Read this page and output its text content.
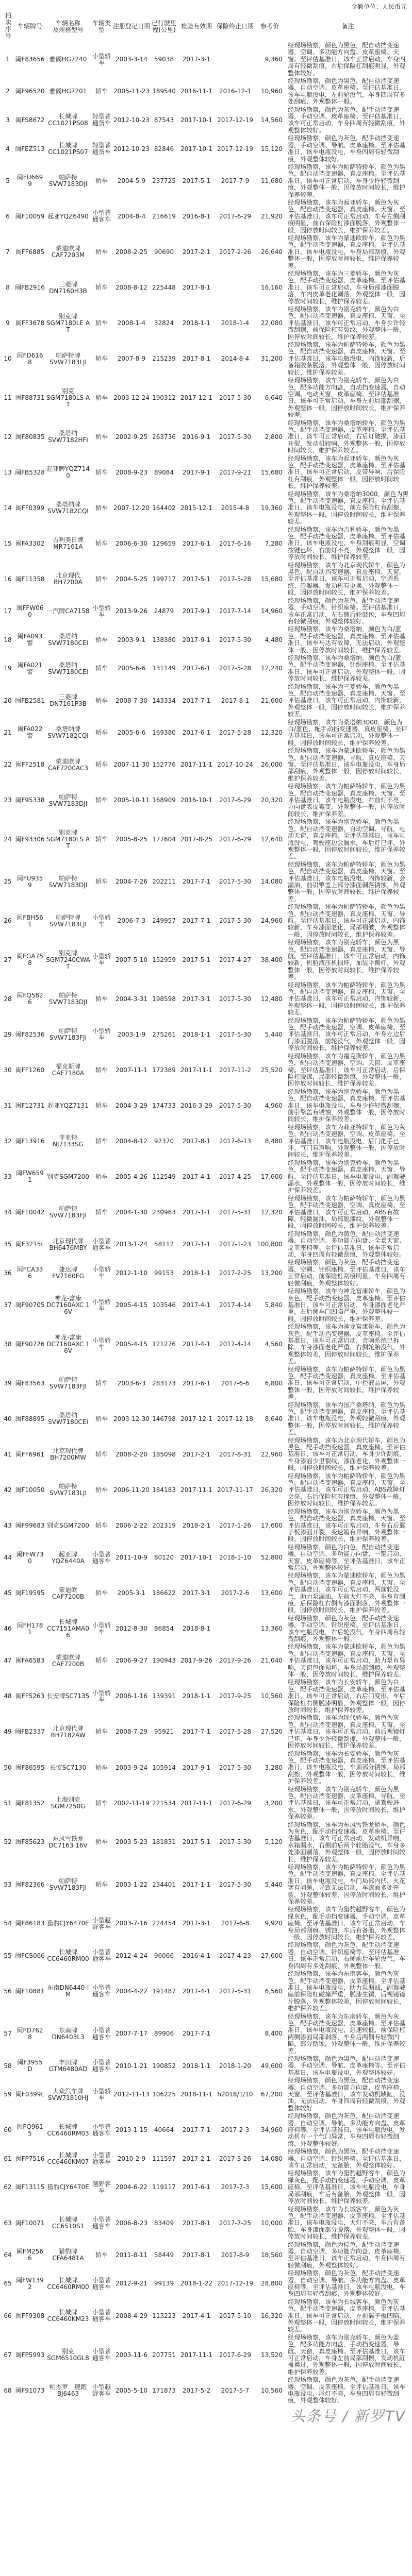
金额单位：人民币元
拍卖序号	车辆牌号	车辆名称
及规格型号	车辆类型	注册登记日期	已行驶里程(公里)	检验有效期	保险终止日期	参考价	备注
1	闽F83656	雅阁HG7240	小型轿车	2003-3-14	59038	2017-3-1		9,360	经现场勘察，颜色为黑色，配自动挡变速器，空调、多功能方向盘、皮革座椅、天窗。至评估基准日，该车正常启动，车身四周有轻微刮痕，右后保险杠刮痕明显，外观整体较好。
2	闽F96520	雅阁HG7201	轿车	2005-11-23	189540	2016-11-1	2016-12-1	10,960	经现场勘察，颜色为黑色，配自动挡变速器，自动空调、皮革座椅。至评估基准日，该车电瓶没电，左前轮没气，车身四周有多处刮痕，外观整体一般。
3	闽FS8672	长城牌
CC1021PS08	轻型普通货车	2012-10-23	87543	2017-10-1	2017-12-19	14,560	经现场勘察，颜色为灰色，配手动挡变速器，手动空调、皮革座椅。至评估基准日，该车可正常启动，车身四周有轻微刮痕，外观整体较好。
4	闽FEZ513	长城牌
CC1021PS07	轻型普通货车	2012-10-23	82846	2017-10-1	2017-12-19	15,120	经现场勘察，颜色为灰色，配手动挡变速器，手动空调、导航、皮革座椅。至评估基准日，该车电瓶没电，车身四周有轻微刮痕，外观整体较好。
5	闽FU6699	帕萨特
SVW7183DJI	轿车	2004-5-9	237725	2017-5-1	2017-7-9	11,680	经现场勘察，该车为帕萨特轿车，颜色为黑色，配自动挡变速器，真皮座椅。至评估基准日，该车可正常启动，车身少许轻微刮痕，外观整体一般，因停放时间较长，维护保养较差。
6	闽F10059	起亚YQZ6490	小型普通客车	2004-8-4	216619	2016-8-1	2017-6-29	21,920	经现场勘察，该车为起亚轿车，颜色为灰色，配自动挡变速器，真皮座椅、天窗。至评估基准日，该车可正常启动，车身左侧刮痕明显，前右保险杠漆面脱落，外观整体一般，因停放时间较长，维护保养较差。
7	闽FF6885	蒙迪欧牌
CAF7203M	轿车	2008-2-25	90690	2017-2-1	2017-2-26	26,640	经现场勘察，该车为蒙迪欧轿车，颜色为黑色，配手动挡变速器，真皮座椅。至评估基准日，该车电瓶没电，车身局部刮痕，外观整体一般，因停放时间较长，维护保养较差。
8	闽FB2916	三菱牌
DN7160H3B	轿车	2008-8-12	225448	2017-8-1		16,160	经现场勘察，该车为三菱轿车，颜色为灰色，配手动挡变速器，皮革座椅。至评估基准日，该车可正常启动，车身局部漆面脱落，车内皮革老化剥落，外观整体一般，因停放时间较长，维护保养较差。
9	闽FF3678	别克牌
SGM7180LE AT	轿车	2008-1-4	32824	2018-1-1	2018-1-4	22,080	经现场勘察，该车为别克轿车，颜色为白色，配自动挡变速器，真皮座椅、天窗。至评估基准日，该车可正常启动，车身少许轻微刮擦，前保险杠有裂纹，外观整体一般，因停放时间较长，维护保养较差。
10	闽FD6168	帕萨特牌
SVW7183LJI	轿车	2007-8-9	215239	2017-8-1	2014-8-4	31,200	经现场勘察，该车为帕萨特轿车，颜色为黑色，配自动挡变速器，真皮座椅、天窗。至评估基准日，该车电瓶没电，内饰较新，后备箱胶条脱落，外观整体一般，因停放时间较长，维护保养较差。
11	闽F88731	别克
SGM7180LS AT	轿车	2003-12-24	190312	2017-12-1	2017-5-30	6,640	经现场勘察，该车为别克轿车，颜色为白色，配多功能方向盘，自动挡变速器，自动空调、电动天窗，皮革座椅。至评估基准日，该车可正常启动，车身左前局部刮擦，外观整体一般，因停放时间较长，维护保养较差。
12	闽F80835	桑塔纳
SVW7182HFI	轿车	2002-9-25	263736	2016-9-1	2017-5-30	2,800	经现场勘察，该车为桑塔纳轿车，颜色为黑色，配手动挡变速器，皮革座椅。至评估基准日，该车可正常启动，右后灯破损，漆面开裂，发动机较响，外观整体一般，因停放时间较长，维护保养较差。
13	闽FB5328	起亚牌YQZ7140	轿车	2008-9-23	89084	2017-9-1	2017-9-21	15,680	经现场勘察，该车为起亚轿车，颜色为灰色，配手动挡变速器，皮革座椅。至评估基准日，该车可正常启动，皮带异响，后保险杠有刮痕，外观整体一般，因停放时间较长，维护保养较差。
14	闽FF0399	桑塔纳牌
SVW7182CQI	轿车	2007-12-20	164402	2015-12-1	2015-4-8	19,360	经现场勘察，该车为桑塔纳3000，颜色为黑色，配手动挡变速器，真皮座椅。至评估基准日，该车电瓶没电，前左保险杠有刮擦，外观整体一般，因停放时间较长，维护保养较差。
15	闽FA3302	吉利美日牌
MR7161A	轿车	2006-6-30	129659	2017-6-1	2017-6-16	7,280	经现场勘察，该车为吉利轿车，颜色为黑色，配手动挡变速器，皮革座椅。至评估基准日，该车电瓶没电，车身刮痕明显，空调按键已坏，右前灯不亮，外观整体一般，因停放时间较长，维护保养较差。
16	闽F11358	北京现代
BH7200A	轿车	2004-5-25	199717	2017-5-1	2017-5-28	15,680	经现场勘察，该车为北京现代轿车，颜色为黑色，配自动挡变速器，真皮座椅、天窗。至评估基准日，该车可正常启动，空调系统、冷凝器、发动机有更换，外观整体一般，因停放时间较长，维护保养较差。
17	闽FFW060	一汽牌CA7158	小型轿车	2013-9-26	24879	2017-9-1	2017-7-14	14,960	经现场勘察，颜色为灰色，配手动挡变速器，手动空调、针织座椅。至评估基准日，该车正常启动，左右侧后轮鼓包，车身四周有轻微刮痕，外观整体较好。
18	闽FA093警	桑塔纳
SVW7180CEI	轿车	2003-9-1	138380	2017-9-1	2017-5-30	4,480	经现场勘察，该车为桑塔纳，颜色为白/蓝色，配手动挡变速器，真皮座椅。至评估基准日，该车马达有故障，无法启动，外观整体一般，因停放时间较长，维护保养较差。
19	闽FA021警	桑塔纳
SVW7180CEI	轿车	2005-6-6	131149	2017-6-1	2017-5-28	12,240	经现场勘察，该车为桑塔纳，颜色为白/蓝色，配手动挡变速器，针织座椅。至评估基准日，该车可正常启动，外观整体一般，因停放时间较长，维护保养较差。
20	闽FB2581	三菱牌
DN7161P3B	轿车	2008-7-30	143334	2017-7-1	2017-8-1	21,600	经现场勘察，该车为三菱轿车，颜色为黑色，配自动挡变速器，真皮座椅、天窗。至评估基准日，该车可正常启动，内饰较新，外观整体一般，因停放时间较长，维护保养较差。
21	闽FA022警	桑塔纳牌
SVW7182CQI	轿车	2005-6-6	169380	2017-6-1	2017-5-28	12,320	经现场勘察，该车为桑塔纳3000，颜色为白/蓝色，配手动挡变速器，真皮座椅。至评估基准日，该车可正常启动，外观整体一般，因停放时间较长，维护保养较差。
22	闽FF2518	蒙迪欧牌
CAF7200AC3	轿车	2007-11-30	152776	2017-11-1	2017-10-24	26,000	经现场勘察，该车为蒙迪欧轿车，颜色为黑色，配自动挡变速器，导航、真皮座椅、天窗。至评估基准日，该车电瓶没电，车身局部刮痕，外观整体一般，因停放时间较长，维护保养较差。
23	闽F95338	帕萨特
SVW7183DJI	轿车	2005-10-11	168909	2016-10-1	2017-6-29	20,320	经现场勘察，该车为帕萨特轿车，颜色为黑色，配自动挡变速器，真皮座椅、天窗。至评估基准日，该车电瓶没电，右前灯不亮，方向盘表皮霉变，外观整体一般，因停放时间较长，维护保养差。
24	闽F93306	别克牌
SGM7180LS AT	轿车	2005-8-25	177604	2017-8-25	2017-6-29	12,640	经现场勘察，该车为别克轿车，颜色为黑色，配自动挡变速器，自动空调、导航，电动天窗，真皮座椅。至评估基准日，该车电瓶没电，驾驶座边会漏水，车后灯已坏，外观整体一般，因停放时间较长，维护保养较差。
25	闽FU9359	帕萨特
SVW7183DJI	轿车	2004-7-26	202211	2017-7-1	2017-5-30	14,080	经现场勘察，该车为帕萨特轿车，颜色为黑色，配自动挡变速器，真皮座椅、天窗。至评估基准日，该车电瓶没电，内饰较新，会漏油，前引擎盖上部分漆面剥落锈蚀，外观整体一般，因停放时间较长，维护保养较差。
26	闽FBH561	帕萨特牌
SVW7183LJI	小型轿车	2006-7-3	249957	2017-7-1	2017-5-30	24,960	经现场勘察，该车为帕萨特轿车，颜色为黑色，配自动挡变速器，真皮座椅、天窗、导航。至评估基准日，该车可正常启动，内饰较新，车身漆面老化，局部褶皱，外观整体一般，因停放时间较长，维护保养较差。
27	闽FGA758	别克牌
SGM7240CWAT	小型轿车	2007-5-10	152959	2017-5-1	2017-4-27	38,400	经现场勘察，该车为别克轿车，颜色为黑色，配自动挡变速器，真皮座椅、天窗、导航。至评估基准日，该车可正常启动，内饰较新，机舱液压机损坏，加装平衡杆，外观整体一般，因停放时间较长，维护保养较差。
28	闽FQ5826	帕萨特
SVW7183DJI	轿车	2004-3-31	198598	2017-3-1	2017-5-30	12,480	经现场勘察，该车为帕萨特轿车，颜色为黑色，配自动挡变速器，真皮座椅、天窗。至评估基准日，该车可正常启动，内饰较新，外观整体一般，因停放时间较长，维护保养较差。
29	闽F82536	帕萨特
SVW7183FJI	小型轿车	2003-1-9	275261	2018-1-1	2017-5-30	5,440	经现场勘察，该车为帕萨特轿车，颜色为黑色，配手动挡变速器，空调、皮革座椅。至评估基准日，该车可正常启动，车身左边后门漆面脱落，前轮没气，外观整体一般，因停放时间较长，维护保养较差。
30	闽FF1260	福克斯牌
CAF7180A	轿车	2007-11-1	172389	2017-11-1	2017-11-2	25,520	经现场勘察，该车为福克斯轿车，颜色为黑色，配自动挡变速器，空调、天窗、皮革座椅。至评估基准日，该车可正常启动，后保险杠脱漆，局部轻微刮痕，外观整体一般，因停放时间较长，维护保养较差。
31	闽F12731	起亚YQZ7131	轿车	2004-3-29	174733	2016-3-29	2017-5-30	4,960	经现场勘察，该车为别克轿车，颜色为黑色，配自动挡变速器，真皮座椅。至评估基准日，该车电瓶没电，车身少许轻微刮擦，前引擎盖有锈蚀，外观整体一般，因停放时间较长，维护保养较差。
32	闽F13916	菲亚特
NJ7133SG	轿车	2004-8-12	92370	2017-8-1	2017-6-13	8,480	经现场勘察，该车为菲亚特轿车，颜色为灰色，配自动挡变速器，空调、皮革座椅。至评估基准日，该车电瓶没电，后门把手已坏，气门有声响，外观整体一般，因停放时间较长，维护保养较差。
33	闽FW6591	别克SGM7200	轿车	2005-4-26	112549	2017-4-1	2017-4-25	17,600	经现场勘察，该车为别克轿车，颜色为黑色，配手动挡变速器，真皮座椅、天窗、导航。至评估基准日，该车电瓶没电，副驾驶漏水，外观整体一般，因停放时间较长，维护保养较差。
34	闽F10042	帕萨特
SVW7183FJI	轿车	2004-1-30	230963	2017-1-1	2017-5-31	12,320	经现场勘察，该车为帕萨特轿车，颜色为黑色，配手动挡变速器，空调、真皮座椅。至评估基准日，该车可正常启动，ABS有故障，轻微漏油，局部脱漆纹，外观整体一般，因停放时间较长，维护保养较差。
35	闽F3215L	北京现代牌
BH6476MBY	小型普通客车	2013-1-24	58112	2017-1-1	2017-1-23	100,800	经现场勘察，颜色为黄色，配自动挡变速器，自动空调、多功能方向盘、全景天窗、皮革座椅等。至评估基准日，该车正常启动，车身四周有轻微刮痕，外观整体较好。
36	闽FCA336	捷达牌
FV7160FG	小型轿车	2012-1-10	99153	2018-1-1	2017-2-25	13,200	经现场勘察，颜色为灰色，配手动挡变速器，空调、针织座椅。至评估基准日，该车正常启动，前保险杠刮痕明显，车身四周有轻微刮痕，外观整体较好。
37	闽F90705	神龙-富康
DC7160AXC 16V	小型轿车	2005-4-15	103546	2017-4-1	2017-4-14	5,840	经现场勘察，该车为神龙富康轿车，颜色为灰色，配手动挡变速器，皮革座椅。至评估基准日，该车可正常启动，车身漆面老化严重，右后侧车门凹陷严重，外观整体较一般，因停放时间较长，维护保养差。
38	闽F90726	神龙-富康
DC7160AXC 16V	小型轿车	2005-4-15	121276	2017-4-1	2017-4-14	4,560	经现场勘察，该车为神龙富康轿车，颜色为灰色，配手动挡变速器，皮革座椅。至评估基准日，该车可正常启动，音响系统已拆除，车身漆面老化严重，右侧轮胎没气，外观整体较差，因停放时间较长，维护保养差。
39	闽F83563	帕萨特
SVW7183FJI	轿车	2003-6-3	283173	2017-6-1	2017-6-6	6,800	经现场勘察，该车为帕萨特轿车，颜色为黑色，配手动挡变速器，真皮座椅。至评估基准日，该车可正常启动，中控液晶屏，外观整体一般，因停放时间较长，维护保养较差。
40	闽F88895	桑塔纳
SVW7180CEI	轿车	2003-12-30	146798	2017-12-1	2017-12-18	8,640	经现场勘察，该车为国产桑塔纳，颜色为黑色，配手动挡变速器，真皮座椅。至评估基准日，该车电瓶没电，外观轻微刮痕，外观整体一般，因停放时间较长，维护保养较差。
41	闽FF6961	北京现代牌
BH7200MW	轿车	2008-2-20	185098	2017-2-1	2017-8-31	22,960	经现场勘察，该车为北京现代轿车，颜色为黑色，配手动挡变速器，真皮座椅。至评估基准日，该车可正常启动，车身少许刮痕，车身漆面少里裂纹，漆面老化，外观整体一般，因停放时间较长，维护保养较差。
42	闽F10050	帕萨特
SVW7183LJI	轿车	2006-11-20	184183	2017-11-1	2017-11-17	26,320	经现场勘察，该车为帕萨特轿车，颜色为黑色，配自动挡变速器，真皮座椅、天窗。至评估基准日，该车可正常启动，ABS故障灯会亮，右后保险杠有撞痕，外观整体一般，因停放时间较长，维护保养较差。
43	闽F99683	别克SGM7200	轿车	2006-2-22	202319	2018-2-1	2017-1-26	17,600	经现场勘察，该车为别克轿车，颜色为黑色，配自动挡变速器，真皮座椅、天窗。至评估基准日，该车可正常启动，车身右后翼子板漆面开裂，变速箱有异响，外观整体一般，因停放时间较长，维护保养较差。
44	闽FFW730	起亚牌
YQZ6440A	小型普通客车	2011-10-9	80120	2017-10-1	2018-1-10	52,800	经现场勘察，颜色为白色，配自动挡变速器，自动空调、多功能方向盘、一键启动、天窗、皮革座椅等。至评估基准日，该车正常启动，外观整体较好。
45	闽F19595	蒙迪欧
CAF7200B	轿车	2005-3-1	186622	2017-3-1	2017-2-6	13,600	经现场勘察，该车为蒙迪欧轿车，颜色为黑色，配自动挡变速器，真皮座椅、天窗。至评估基准日，该车可正常启动，两前轮没气，助力泵漏油，左前大灯不亮，车身有刮痕，后保险杠右侧有漆面剥落，外观整体一般，因停放时间较长，维护保养较差。
46	闽FH1781	长城牌
CC7151AMA06	小型轿车	2012-8-30	86854	2018-8-1		13,360	经现场勘察，颜色为灰色，配手动挡变速器，手动空调、针织座椅。至评估基准日，该车电瓶没电，右后轮没气，车身四周有轻微刮痕，外观整体一般。
47	闽FA6583	蒙迪欧牌
CAF7200B	轿车	2006-9-27	190943	2017-9-26	2017-9-26	21,040	经现场勘察，该车为蒙迪欧轿车，颜色为黑色，配自动挡变速器，真皮座椅、天窗。至评估基准日，该车可正常启动，助力泵有异响，天窗包面损坏，车身局部刮痕，外观整体一般，因停放时间较长，维护保养较差。
48	闽FF5263	长安牌SC7135	小型轿车	2008-1-16	139391	2018-1-1	2017-9-25	10,560	经现场勘察，该车为长安轿车，颜色为白色，配手动挡变速器，皮革座椅。至评估基准日，该车可正常启动，右后门变形，车后保险杠右侧脱漆明显，外观整体一般，因停放时间较长，维护保养较差。
49	闽FB2337	北京现代牌
BH7182AW	轿车	2008-7-29	95921	2017-7-1	2017-5-28	27,520	经现场勘察，该车为现代轿车，颜色为灰色，配自动挡变速器，真皮座椅、天窗。至评估基准日，该车可正常启动，前后视镜灯已坏，车身少许轻微刮擦，外观整体一般，因停放时间较长，维护保养较差。
50	闽F86595	长安SC7130	轿车	2003-9-24	105914	2017-9-1	2017-5-30	3,280	经现场勘察，该车为长安轿车，颜色为灰色，配手动挡变速器，真皮座椅。至评估基准日，该车电瓶没电，车顶部分锈蚀，局部刮擦，外观整体一般，因停放时间较长，维护保养较差。
51	闽F81352	上海别克
SGM7250G	轿车	2002-11-19	221534	2017-11-1	2017-6-29	3,200	经现场勘察，该车为别克轿车，颜色为黑色，配自动挡变速器，皮革座椅、导航。至评估基准日，该车可正常启动，副驾驶进水，外观整体一般，因停放时间较长，维护保养较差。
52	闽F85623	东风雪铁龙
DC7163 16V	轿车	2003-5-23	181831	2017-5-1	2017-5-30	5,120	经现场勘察，该车为东风雪铁龙轿车，颜色为灰色，配手动挡变速器，皮革座椅。至评估基准日，该车可正常启动，发动机异响，水箱漏水，右侧前后两个轮胎没气，车身多处漆面剥落，外观整体一般，因停放时间较长，维护保养较差。
53	闽F82366	帕萨特
SVW7183FJI	轿车	2003-1-22	234401	2017-1-1	2017-5-30	5,440	经现场勘察，该车为帕萨特轿车，颜色为黑色，配手动挡变速器，真皮座椅。至评估基准日，该车电瓶没电，车门局部内凹，火花塞有问题，导致无法启动，车漆面多处开裂，外观整体较差，因停放时间较长，维护保养较差。
54	闽F86183	猎豹CJY6470E	小型越野客车	2003-7-16	224454	2017-3-1	2017-6-8	9,920	经现场勘察，该车为猎豹越野客车，颜色为绿灰色，配手动挡变速器，手动空调，皮革座椅。至评估基准日，该车可正常启动，车身局部刮痕、锈蚀，车后有备胎，外观整体一般，因停放时间较长，维护保养较差。
55	闽FCS066	长城牌
CC6460RM00	小型普通客车	2012-4-24	96066	2016-4-1	2017-4-23	27,600	经现场勘察，颜色为灰色，配手动挡变速器，自动空调、针织座椅等。至评估基准日，该车正常启动，右侧前后车轮没气，车身四周有多处刮痕，外观整体一般。
56	闽F10881	东南DN6440-IM	小型普通客车	2004-4-22	191487	2017-4-1	2017-5-31	6,560	经现场勘察，该车为东南客车，颜色为灰色，配手动挡变速器，皮革座椅。至评估基准日，该车电瓶没电，助力泵漏油，副驾驶座前保险杠碰撞严重，脱漆生锈，后视镜镜片脱落，外观整体较差，因停放时间较长，维护保养较差。
57	闽FD7628	东南牌
DN6403L3	小型普通客车	2007-7-17	89906	2017-7-1		8,400	经现场勘察，该车为东南轿车，颜色为灰色，配手动挡变速器，皮革座椅。至评估基准日，该车电瓶没电，怠速较低，前保险杠两侧漆面局部剥落，车身后两侧有轻微凹陷，部分锈蚀，外观整体一般，维护保养较差。
58	闽F3955D	丰田牌
GTM6480AD	小型普通客车	2010-1-21	190852	2018-1-1	2018-1-20	49,600	经现场勘察，颜色为黑色，配自动挡变速器，手动空调、导航、皮革座椅等。至评估基准日，该车电瓶没电，外观整体较好。
59	闽F0399L	大众汽车牌
SVW71810HJ	小型轿车	2012-11-13	106225	2018-11-1	h2018/1/10	67,200	经现场勘察，颜色为黑色，配自动挡变速器，自动空调、多功能方向盘、皮革座椅、天窗。至评估基准日，该车发动机缺缸，没油，无法启动，车身四周有轻微刮痕，外观整体较好
60	闽FQ9615	长城牌
CC6460RM03	小型普通客车	2013-1-15	40664	2017-7-1	2017-2-3	34,960	经现场勘察，颜色为灰色，配自动挡变速器，自动空调、导航、多功能方向盘、皮革座椅等。至评估基准日，该车电瓶没电，发动机有一个气门异常，车身四周有轻微刮痕，外观整体较好。
61	闽FP7516	长城牌
CC6460KM07	小型普通客车	2010-2-9	111597	2017-2-1	2017-3-26	14,080	经现场勘察，颜色为黑色，配手动挡变速器，自动空调、针织座椅。至评估基准日，该车正常启动，无备胎，外观整体较好。
62	闽F13115	猎豹CJY6470E	越野客车	2004-6-22	119117	2017-6-1	2017-7-3	15,600	经现场勘察，该车为猎豹越野客车，颜色为绿灰色，配手动挡变速器，手动空调，皮革座椅。至评估基准日，该车电瓶没电，车身局部刮痕，车后有备胎，外观整体一般，因停放时间较长，维护保养较差。
63	闽F10071	长城牌
CC6510S1	小型普通客车	2006-8-23	83409	2017-8-1	2017-7-25	10,000	经现场勘察，该车为长城客车，颜色为灰色，配手动挡变速器，皮革座椅。至评估基准日，该车电瓶没电，大灯不亮，车后有备胎，车身漆面部分脱落，外观整体一般，因停放时间较长，维护保养较差。
64	闽FM2566	猎豹牌
CFA6481A	轿车	2011-8-11	58449	2017-8-1	2017-8-9	18,560	经现场勘察，颜色为棕色，配手动挡变速器，自动空调、多功能方向盘、皮革座椅。至评估基准日，该车正常启动，车身四周有轻微刮痕，外观整体较好。
65	闽FW1392	长城牌
CC6460RM00	小型普通客车	2012-9-21	99139	2018-1-22	2017-12-19	28,800	经现场勘察，颜色为灰色，配手动挡变速器，自动空调、导航、多功能方向盘、皮革座椅等。至评估基准日，该车电瓶没电，车身四周有轻微刮痕，外观整体较好。
66	闽FF9308	长城牌
CC6460KM23	小型普通客车	2008-4-29	113223	2017-4-1	2017-5-10	16,320	经现场勘察，该车为长城客车，颜色为灰色，配手动挡变速器，皮革座椅。至评估基准日，该车可正常启动，左前翼子板凹陷，外观整体一般，因停放时间较长，维护保养较差。
67	闽FP5993	别克
SGM6510GL8	小型普通客车	2003-11-6	207751	2017-11-1	2017-6-29	13,520	经现场勘察，该车为别克轿车，颜色为蓝色，配多功能方向盘，手动挡变速器，导航、天窗，真皮座椅。至评估基准日，该车可正常启动，车身左前局部刮擦，发动机缸盖换过，外观整体一般，因停放时间较长，维护保养较差。
68	闽F91073	帕杰罗　速跑
BJ6463	小型越野客车	2005-5-10	171873	2017-5-2	2017-5-7	10,560	经现场勘察，颜色为灰色，配手动挡变速器，空调、皮革座椅。至评估基准日，该车电瓶没电，尾灯不亮，车身四周有轻微刮痕，外观整体较好。
头条号 / 新罗TV
